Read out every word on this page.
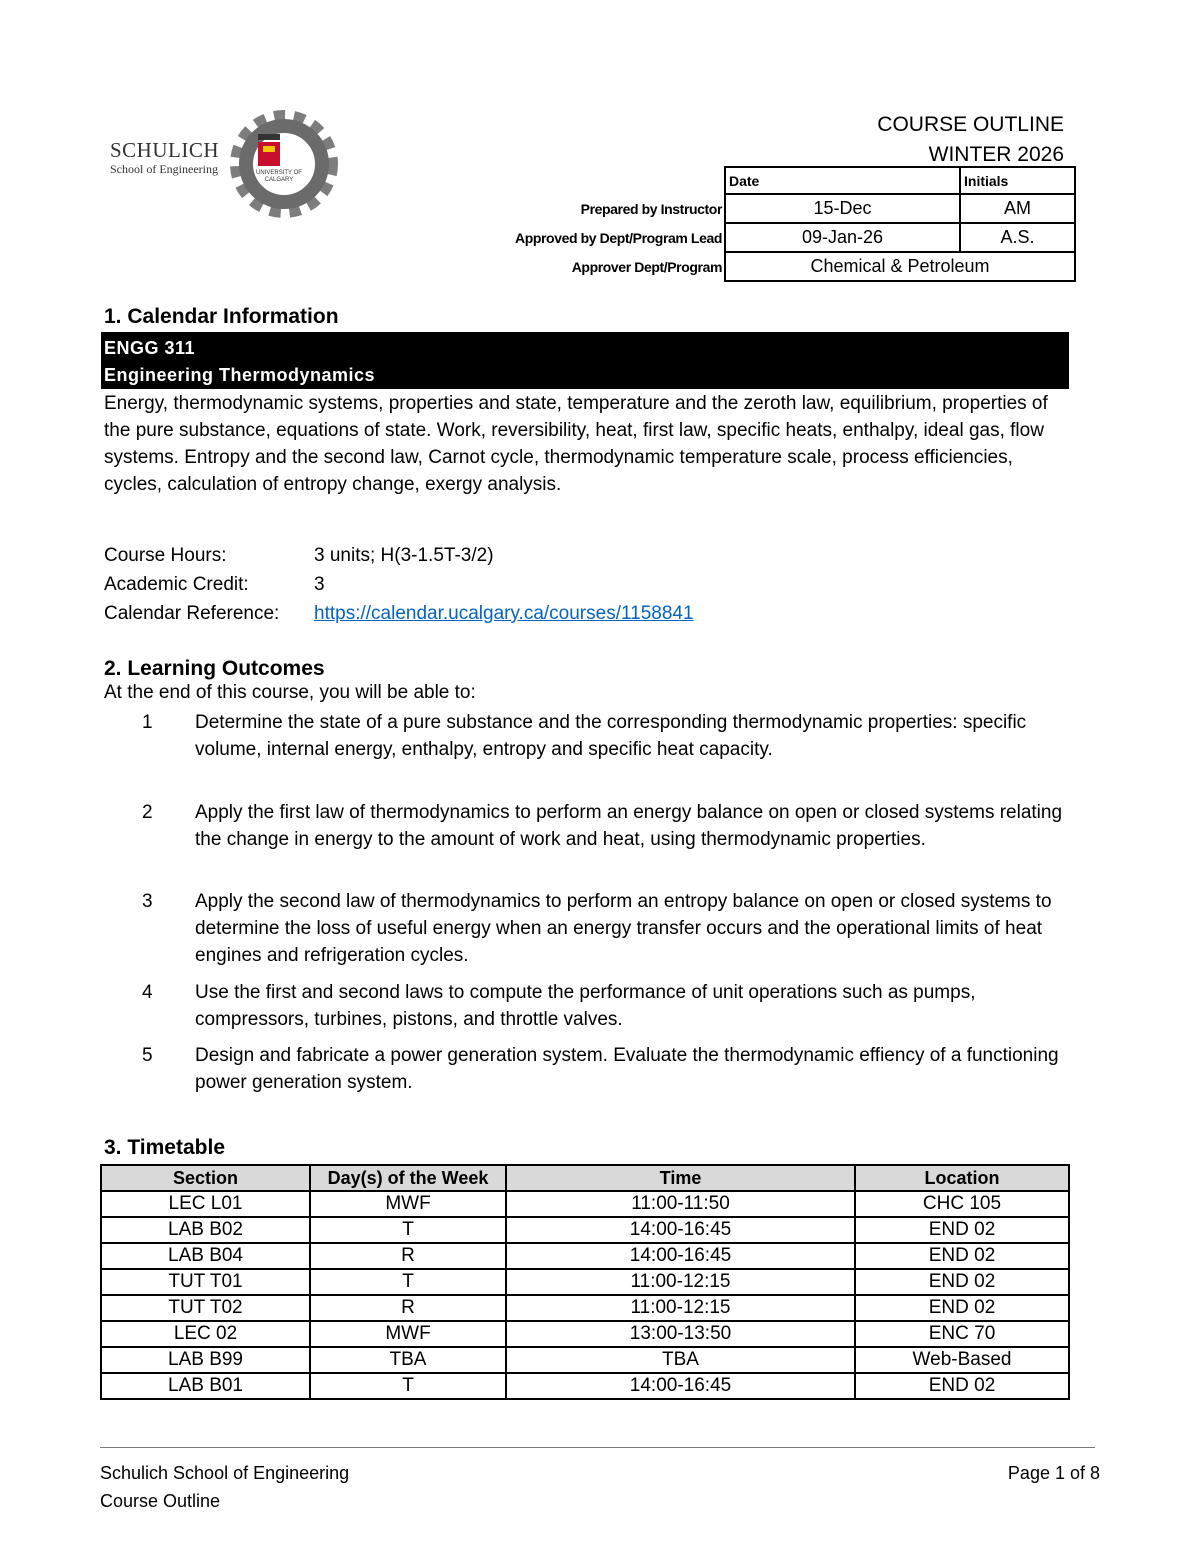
SCHULICH
School of Engineering	UNIVERSITY OF CALGARY
COURSE OUTLINE
WINTER 2026
	Date	Initials
Prepared by Instructor	15-Dec	AM
Approved by Dept/Program Lead	09-Jan-26	A.S.
Approver Dept/Program	Chemical & Petroleum	
1. Calendar Information
ENGG 311
Engineering Thermodynamics
Energy, thermodynamic systems, properties and state, temperature and the zeroth law, equilibrium, properties of the pure substance, equations of state. Work, reversibility, heat, first law, specific heats, enthalpy, ideal gas, flow systems. Entropy and the second law, Carnot cycle, thermodynamic temperature scale, process efficiencies, cycles, calculation of entropy change, exergy analysis.
Course Hours:	3 units; H(3-1.5T-3/2)
Academic Credit:	3
Calendar Reference:	https://calendar.ucalgary.ca/courses/1158841
2. Learning Outcomes
At the end of this course, you will be able to:
1 Determine the state of a pure substance and the corresponding thermodynamic properties: specific volume, internal energy, enthalpy, entropy and specific heat capacity.
2 Apply the first law of thermodynamics to perform an energy balance on open or closed systems relating the change in energy to the amount of work and heat, using thermodynamic properties.
3 Apply the second law of thermodynamics to perform an entropy balance on open or closed systems to determine the loss of useful energy when an energy transfer occurs and the operational limits of heat engines and refrigeration cycles.
4 Use the first and second laws to compute the performance of unit operations such as pumps, compressors, turbines, pistons, and throttle valves.
5 Design and fabricate a power generation system. Evaluate the thermodynamic effiency of a functioning power generation system.
3. Timetable
Section	Day(s) of the Week	Time	Location
LEC L01	MWF	11:00-11:50	CHC 105
LAB B02	T	14:00-16:45	END 02
LAB B04	R	14:00-16:45	END 02
TUT T01	T	11:00-12:15	END 02
TUT T02	R	11:00-12:15	END 02
LEC 02	MWF	13:00-13:50	ENC 70
LAB B99	TBA	TBA	Web-Based
LAB B01	T	14:00-16:45	END 02
Schulich School of Engineering
Course Outline
Page 1 of 8
